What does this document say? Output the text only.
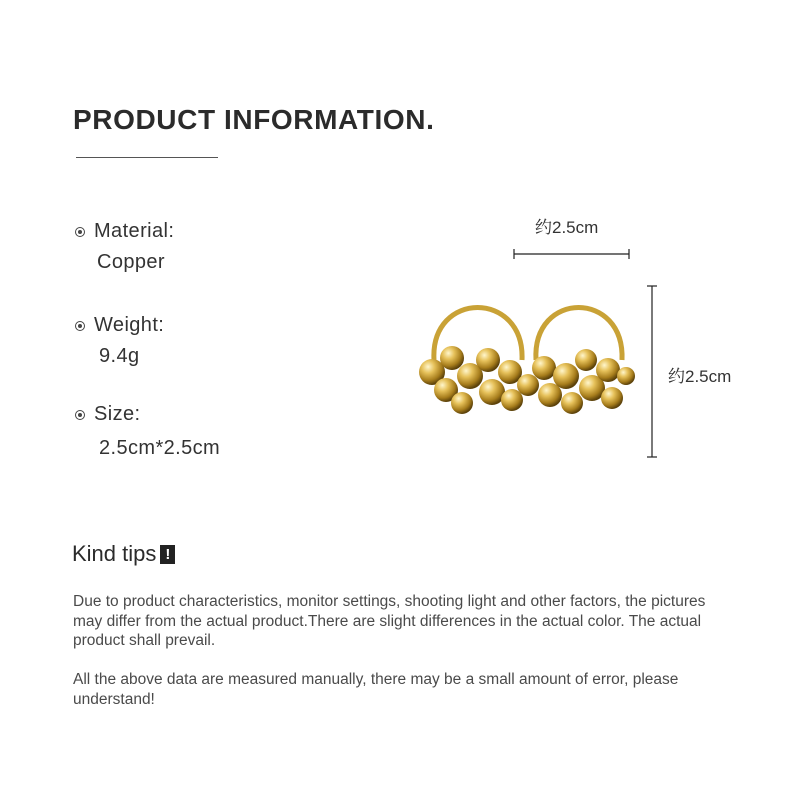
PRODUCT INFORMATION.
Material:
Copper
Weight:
9.4g
Size:
2.5cm*2.5cm
约2.5cm
约2.5cm
Kind tips !
Due to product characteristics, monitor settings, shooting light and other factors, the pictures may differ from the actual product.There are slight differences in the actual color. The actual product shall prevail.
All the above data are measured manually, there may be a small amount of error, please understand!
